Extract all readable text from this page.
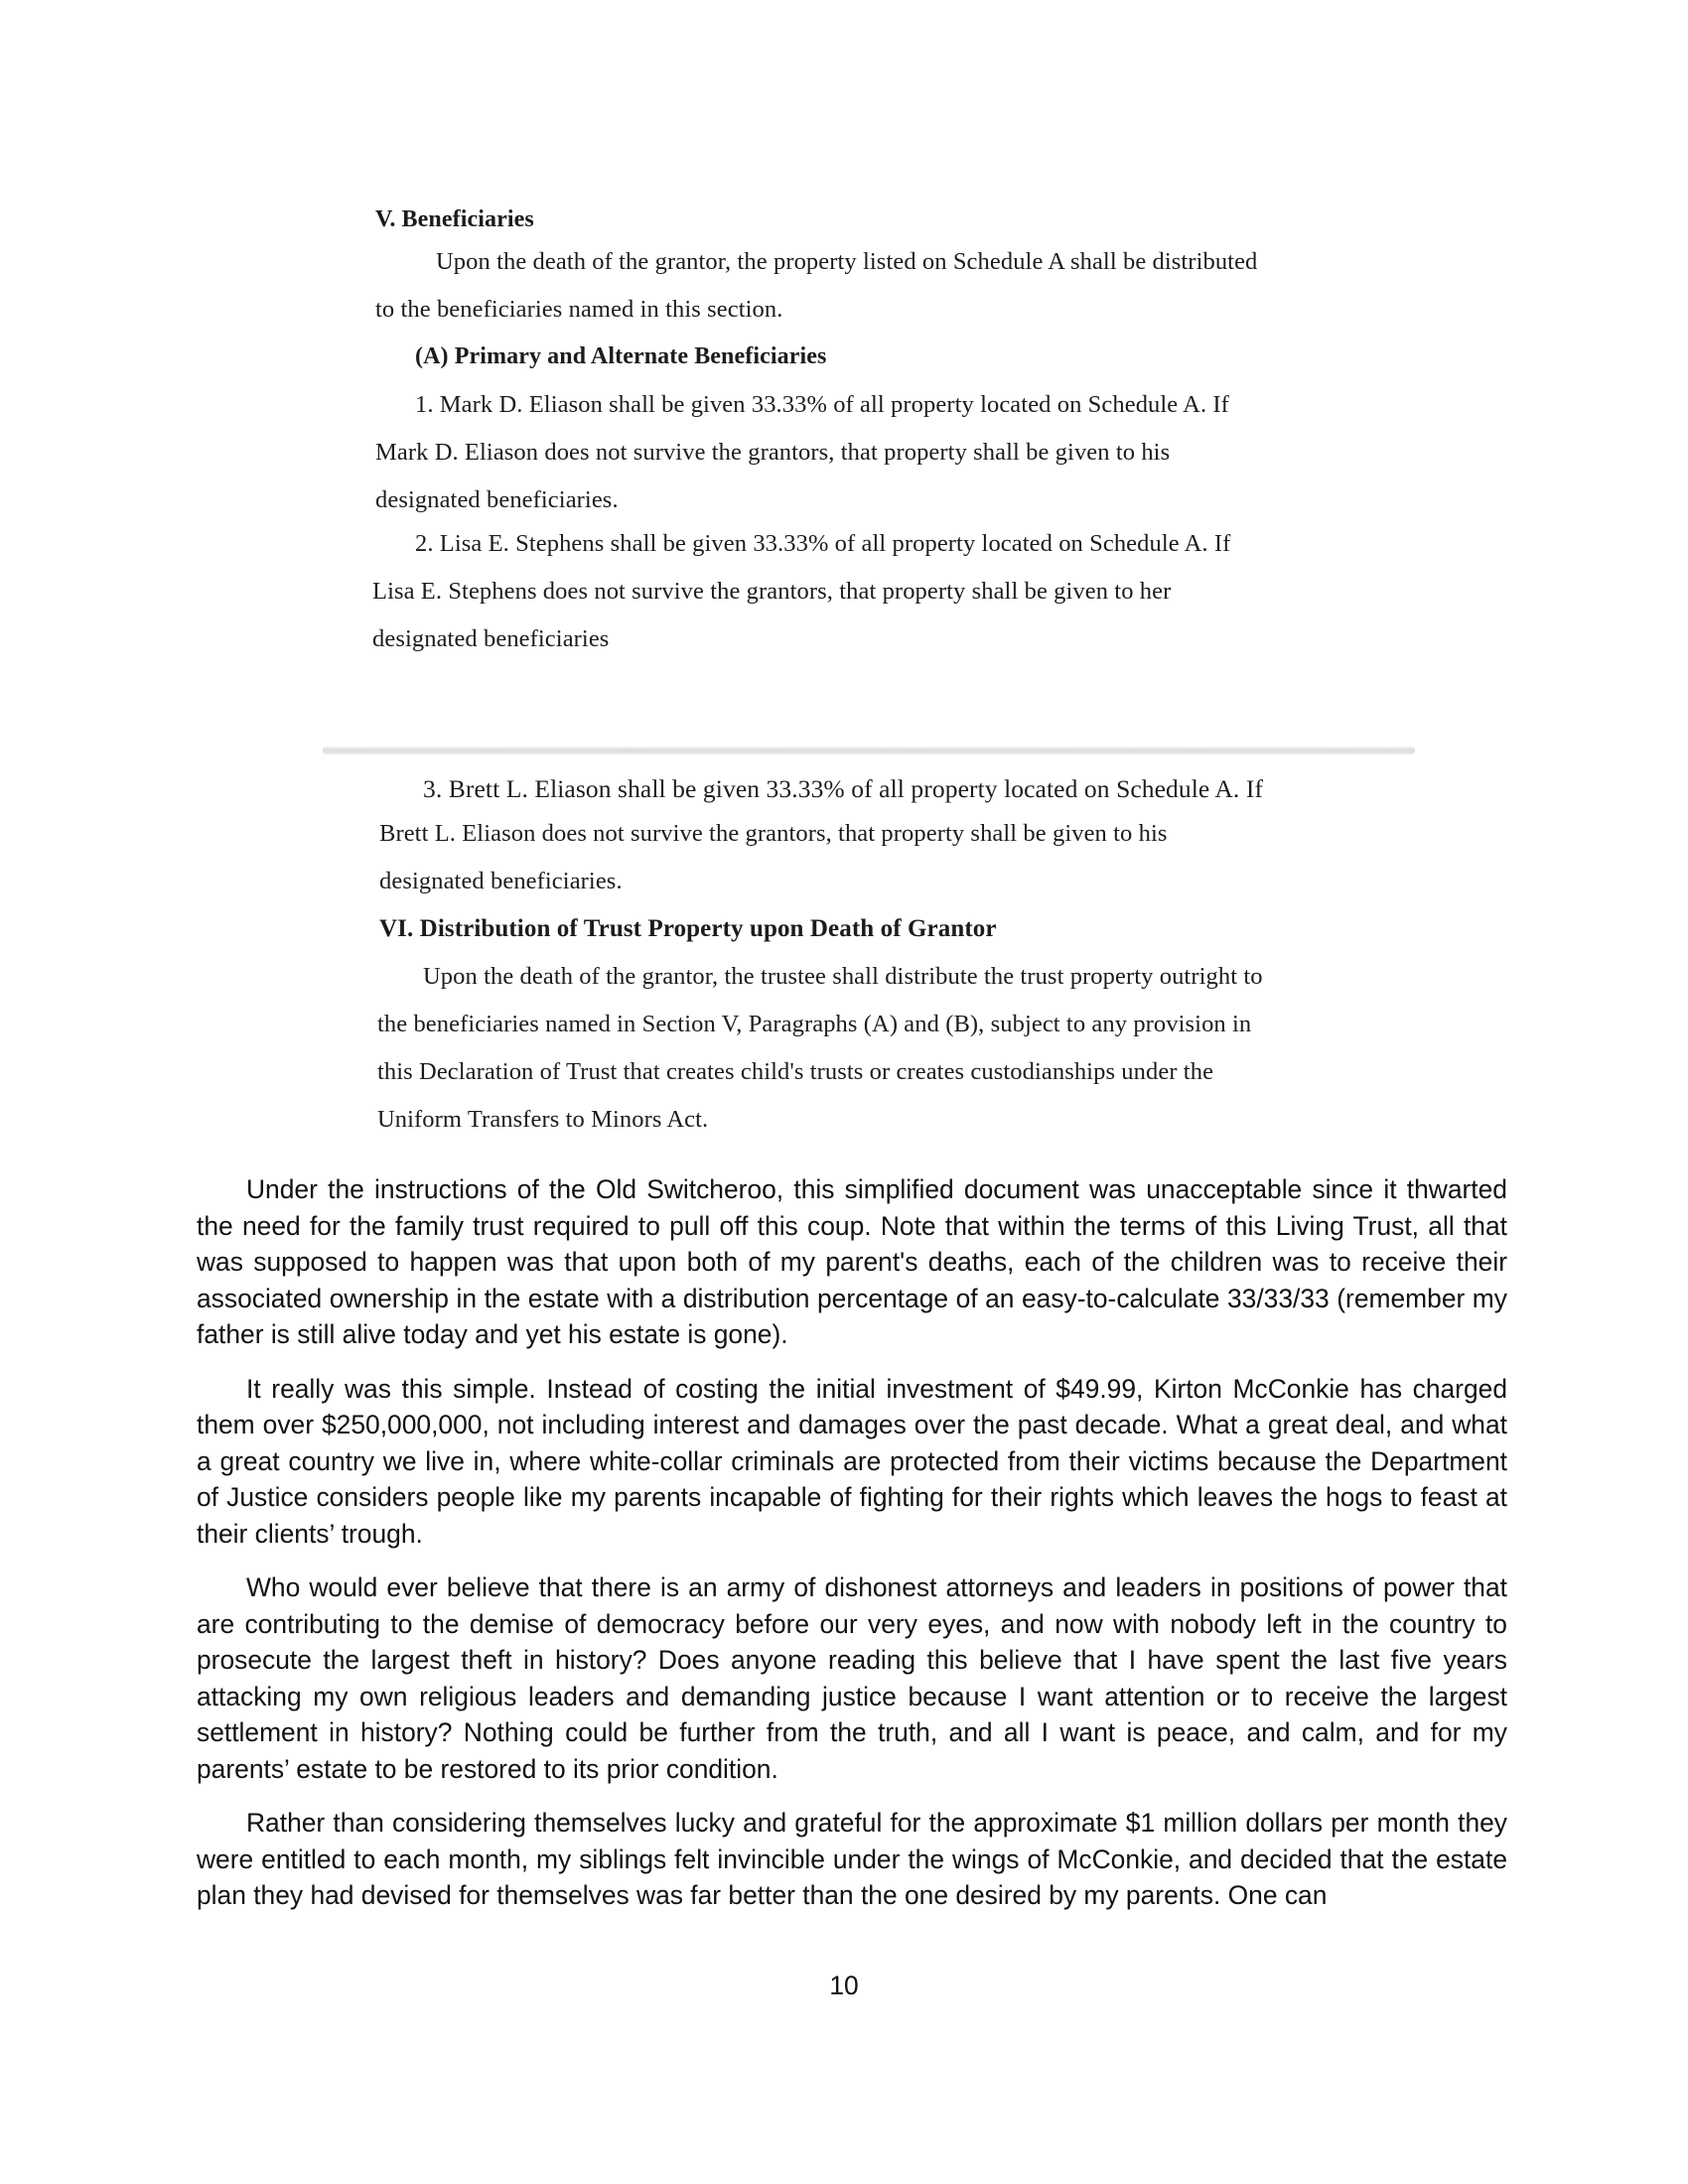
V. Beneficiaries
Upon the death of the grantor, the property listed on Schedule A shall be distributed
to the beneficiaries named in this section.
(A) Primary and Alternate Beneficiaries
1. Mark D. Eliason shall be given 33.33% of all property located on Schedule A. If
Mark D. Eliason does not survive the grantors, that property shall be given to his
designated beneficiaries.
2. Lisa E. Stephens shall be given 33.33% of all property located on Schedule A. If
Lisa E. Stephens does not survive the grantors, that property shall be given to her
designated beneficiaries
3. Brett L. Eliason shall be given 33.33% of all property located on Schedule A. If
Brett L. Eliason does not survive the grantors, that property shall be given to his
designated beneficiaries.
VI. Distribution of Trust Property upon Death of Grantor
Upon the death of the grantor, the trustee shall distribute the trust property outright to
the beneficiaries named in Section V, Paragraphs (A) and (B), subject to any provision in
this Declaration of Trust that creates child's trusts or creates custodianships under the
Uniform Transfers to Minors Act.

Under the instructions of the Old Switcheroo, this simplified document was unacceptable since it thwarted the need for the family trust required to pull off this coup. Note that within the terms of this Living Trust, all that was supposed to happen was that upon both of my parent's deaths, each of the children was to receive their associated ownership in the estate with a distribution percentage of an easy-to-calculate 33/33/33 (remember my father is still alive today and yet his estate is gone).

It really was this simple. Instead of costing the initial investment of $49.99, Kirton McConkie has charged them over $250,000,000, not including interest and damages over the past decade. What a great deal, and what a great country we live in, where white-collar criminals are protected from their victims because the Department of Justice considers people like my parents incapable of fighting for their rights which leaves the hogs to feast at their clients’ trough.

Who would ever believe that there is an army of dishonest attorneys and leaders in positions of power that are contributing to the demise of democracy before our very eyes, and now with nobody left in the country to prosecute the largest theft in history? Does anyone reading this believe that I have spent the last five years attacking my own religious leaders and demanding justice because I want attention or to receive the largest settlement in history? Nothing could be further from the truth, and all I want is peace, and calm, and for my parents’ estate to be restored to its prior condition.

Rather than considering themselves lucky and grateful for the approximate $1 million dollars per month they were entitled to each month, my siblings felt invincible under the wings of McConkie, and decided that the estate plan they had devised for themselves was far better than the one desired by my parents. One can

10
